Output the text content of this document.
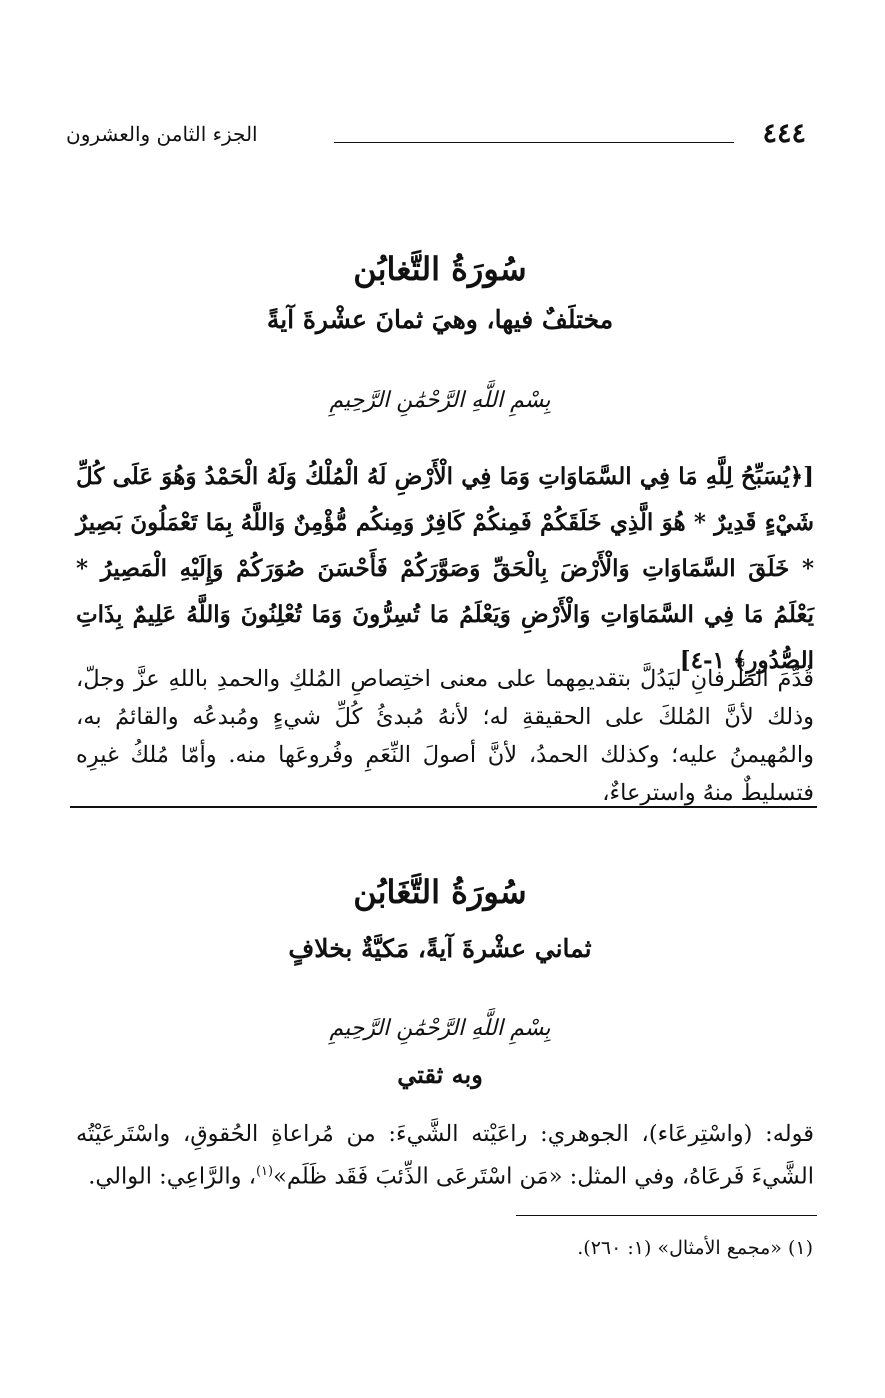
٤٤٤
الجزء الثامن والعشرون
سُورَةُ التَّغابُن
مختلَفٌ فيها، وهيَ ثمانَ عشْرةَ آيةً
بِسْمِ اللَّهِ الرَّحْمَٰنِ الرَّحِيمِ
[﴿يُسَبِّحُ لِلَّهِ مَا فِي السَّمَاوَاتِ وَمَا فِي الْأَرْضِ لَهُ الْمُلْكُ وَلَهُ الْحَمْدُ وَهُوَ عَلَى كُلِّ شَيْءٍ قَدِيرٌ * هُوَ الَّذِي خَلَقَكُمْ فَمِنكُمْ كَافِرٌ وَمِنكُم مُّؤْمِنٌ وَاللَّهُ بِمَا تَعْمَلُونَ بَصِيرٌ * خَلَقَ السَّمَاوَاتِ وَالْأَرْضَ بِالْحَقِّ وَصَوَّرَكُمْ فَأَحْسَنَ صُوَرَكُمْ وَإِلَيْهِ الْمَصِيرُ * يَعْلَمُ مَا فِي السَّمَاوَاتِ وَالْأَرْضِ وَيَعْلَمُ مَا تُسِرُّونَ وَمَا تُعْلِنُونَ وَاللَّهُ عَلِيمٌ بِذَاتِ الصُّدُورِ﴾ ١-٤]
قُدِّمَ الظَّرفانِ ليَدُلَّ بتقديمِهما على معنى اختِصاصِ المُلكِ والحمدِ باللهِ عزَّ وجلّ، وذلك لأنَّ المُلكَ على الحقيقةِ له؛ لأنهُ مُبدئُ كُلِّ شيءٍ ومُبدعُه والقائمُ به، والمُهيمنُ عليه؛ وكذلك الحمدُ، لأنَّ أصولَ النِّعَمِ وفُروعَها منه. وأمّا مُلكُ غيرِه فتسليطٌ منهُ واسترعاءٌ،
سُورَةُ التَّغَابُن
ثماني عشْرةَ آيةً، مَكيَّةٌ بخلافٍ
بِسْمِ اللَّهِ الرَّحْمَٰنِ الرَّحِيمِ
وبه ثقتي
قوله: (واسْتِرعَاء)، الجوهري: راعَيْته الشَّيءَ: من مُراعاةِ الحُقوقِ، واسْتَرعَيْتُه الشَّيءَ فَرعَاهُ، وفي المثل: «مَن اسْتَرعَى الذِّئبَ فَقَد ظَلَم»$^{(١)}$، والرَّاعِي: الوالي.
(١) «مجمع الأمثال» (١: ٢٦٠).
